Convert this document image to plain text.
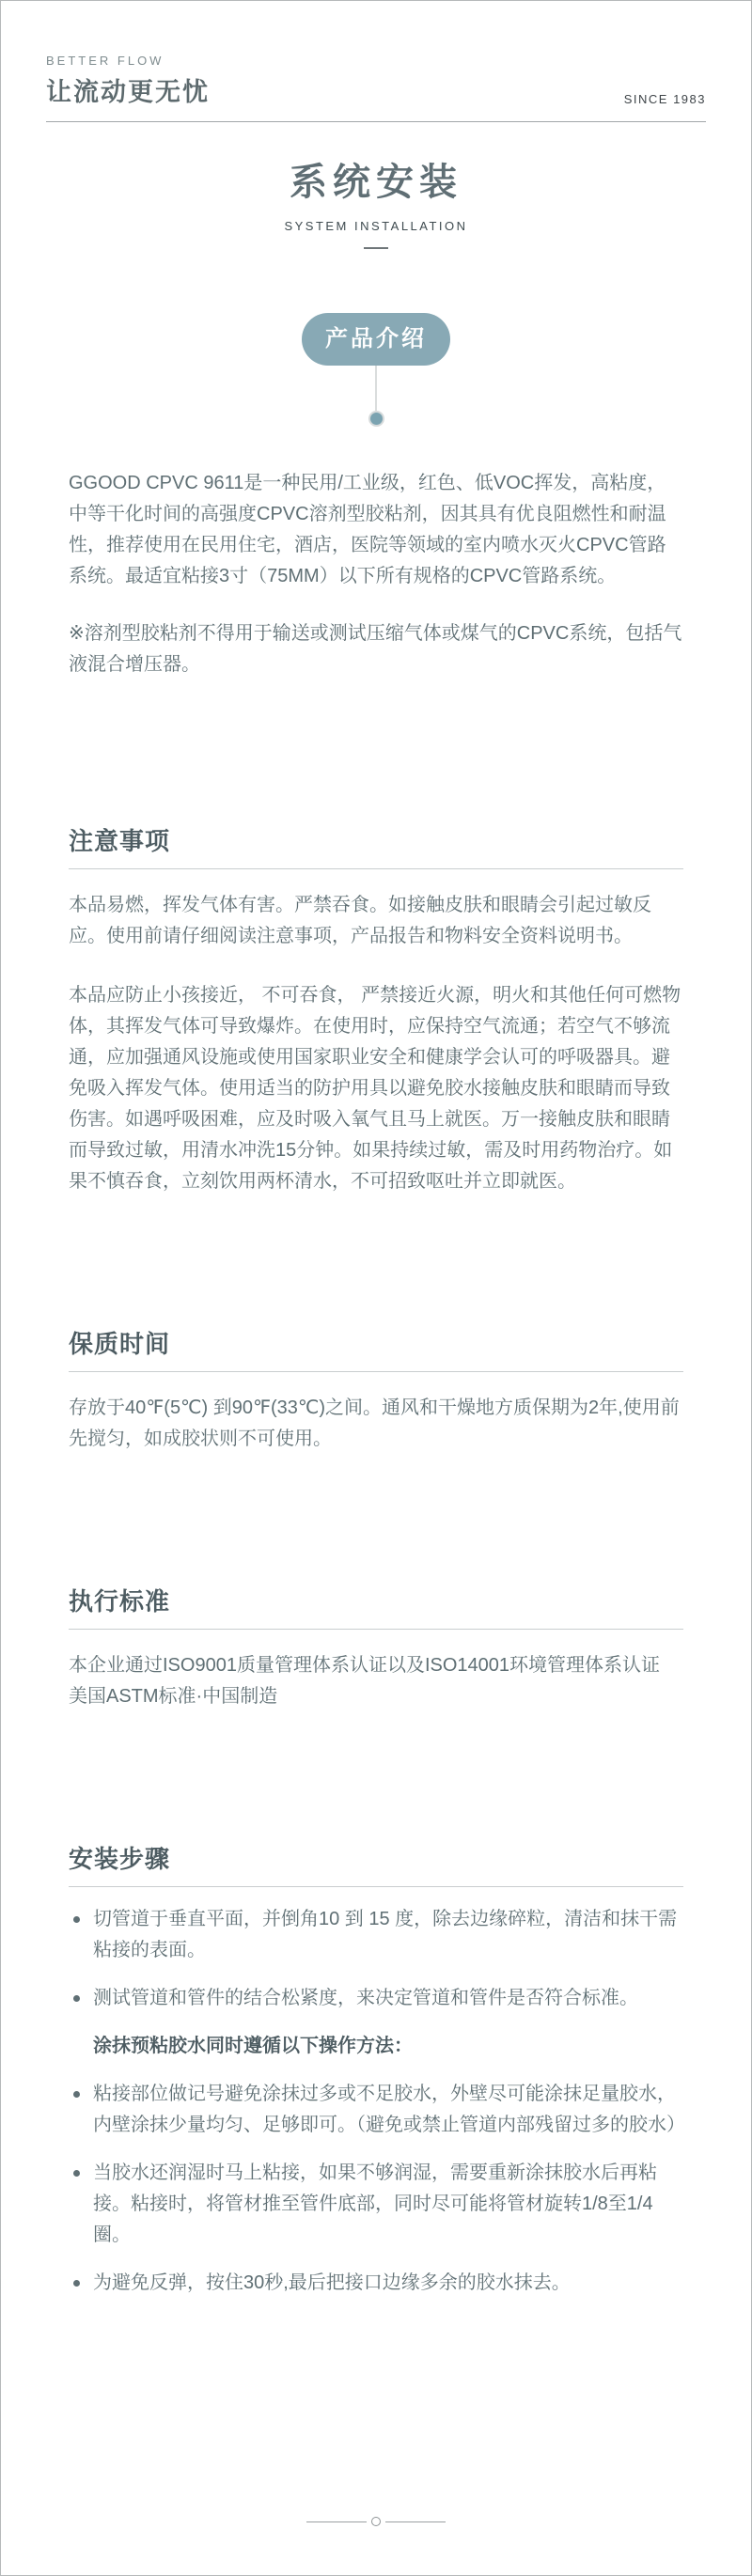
BETTER FLOW
让流动更无忧	SINCE 1983
系统安装
SYSTEM INSTALLATION
产品介绍

GGOOD CPVC 9611是一种民用/工业级，红色、低VOC挥发，高粘度，中等干化时间的高强度CPVC溶剂型胶粘剂，因其具有优良阻燃性和耐温性，推荐使用在民用住宅，酒店，医院等领域的室内喷水灭火CPVC管路系统。最适宜粘接3寸（75MM）以下所有规格的CPVC管路系统。

※溶剂型胶粘剂不得用于输送或测试压缩气体或煤气的CPVC系统，包括气液混合增压器。

注意事项

本品易燃，挥发气体有害。严禁吞食。如接触皮肤和眼睛会引起过敏反应。使用前请仔细阅读注意事项，产品报告和物料安全资料说明书。

本品应防止小孩接近， 不可吞食， 严禁接近火源，明火和其他任何可燃物体，其挥发气体可导致爆炸。在使用时，应保持空气流通；若空气不够流通，应加强通风设施或使用国家职业安全和健康学会认可的呼吸器具。避免吸入挥发气体。使用适当的防护用具以避免胶水接触皮肤和眼睛而导致伤害。如遇呼吸困难，应及时吸入氧气且马上就医。万一接触皮肤和眼睛而导致过敏，用清水冲洗15分钟。如果持续过敏，需及时用药物治疗。如果不慎吞食，立刻饮用两杯清水，不可招致呕吐并立即就医。

保质时间

存放于40℉(5℃) 到90℉(33℃)之间。通风和干燥地方质保期为2年,使用前先搅匀，如成胶状则不可使用。

执行标准

本企业通过ISO9001质量管理体系认证以及ISO14001环境管理体系认证

美国ASTM标准·中国制造

安装步骤
切管道于垂直平面，并倒角10 到 15 度，除去边缘碎粒，清洁和抹干需粘接的表面。
测试管道和管件的结合松紧度，来决定管道和管件是否符合标准。
涂抹预粘胶水同时遵循以下操作方法：
粘接部位做记号避免涂抹过多或不足胶水，外壁尽可能涂抹足量胶水，内壁涂抹少量均匀、足够即可。（避免或禁止管道内部残留过多的胶水）
当胶水还润湿时马上粘接，如果不够润湿，需要重新涂抹胶水后再粘接。粘接时，将管材推至管件底部，同时尽可能将管材旋转1/8至1/4圈。
为避免反弹，按住30秒,最后把接口边缘多余的胶水抹去。
